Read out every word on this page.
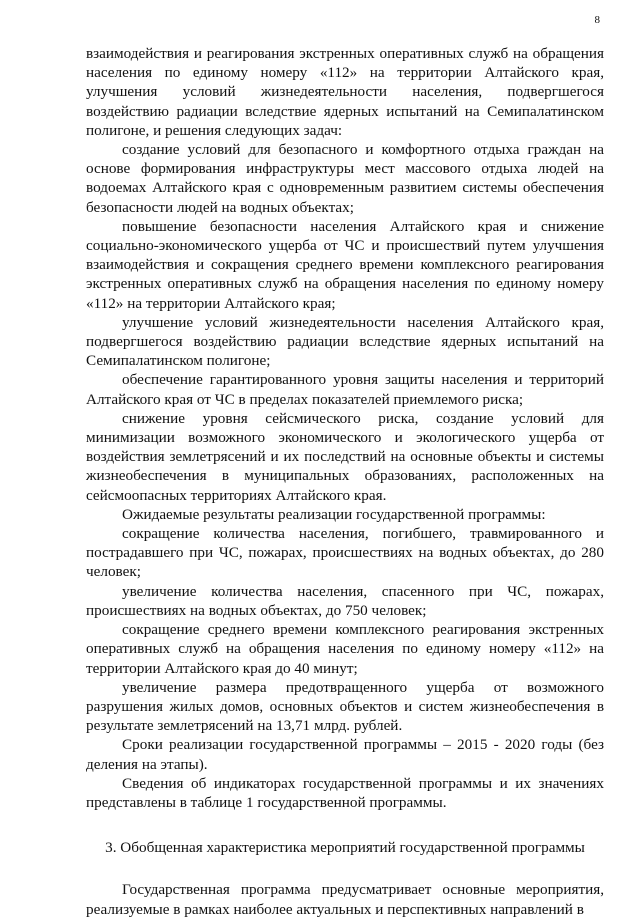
8

взаимодействия и реагирования экстренных оперативных служб на обращения населения по единому номеру «112» на территории Алтайского края, улучшения условий жизнедеятельности населения, подвергшегося воздействию радиации вследствие ядерных испытаний на Семипалатинском полигоне, и решения следующих задач:

создание условий для безопасного и комфортного отдыха граждан на основе формирования инфраструктуры мест массового отдыха людей на водоемах Алтайского края с одновременным развитием системы обеспечения безопасности людей на водных объектах;

повышение безопасности населения Алтайского края и снижение социально-экономического ущерба от ЧС и происшествий путем улучшения взаимодействия и сокращения среднего времени комплексного реагирования экстренных оперативных служб на обращения населения по единому номеру «112» на территории Алтайского края;

улучшение условий жизнедеятельности населения Алтайского края, подвергшегося воздействию радиации вследствие ядерных испытаний на Семипалатинском полигоне;

обеспечение гарантированного уровня защиты населения и территорий Алтайского края от ЧС в пределах показателей приемлемого риска;

снижение уровня сейсмического риска, создание условий для минимизации возможного экономического и экологического ущерба от воздействия землетрясений и их последствий на основные объекты и системы жизнеобеспечения в муниципальных образованиях, расположенных на сейсмоопасных территориях Алтайского края.

Ожидаемые результаты реализации государственной программы:

сокращение количества населения, погибшего, травмированного и пострадавшего при ЧС, пожарах, происшествиях на водных объектах, до 280 человек;

увеличение количества населения, спасенного при ЧС, пожарах, происшествиях на водных объектах, до 750 человек;

сокращение среднего времени комплексного реагирования экстренных оперативных служб на обращения населения по единому номеру «112» на территории Алтайского края до 40 минут;

увеличение размера предотвращенного ущерба от возможного разрушения жилых домов, основных объектов и систем жизнеобеспечения в результате землетрясений на 13,71 млрд. рублей.

Сроки реализации государственной программы – 2015 - 2020 годы (без деления на этапы).

Сведения об индикаторах государственной программы и их значениях представлены в таблице 1 государственной программы.

3. Обобщенная характеристика мероприятий государственной программы

Государственная программа предусматривает основные мероприятия, реализуемые в рамках наиболее актуальных и перспективных направлений в
